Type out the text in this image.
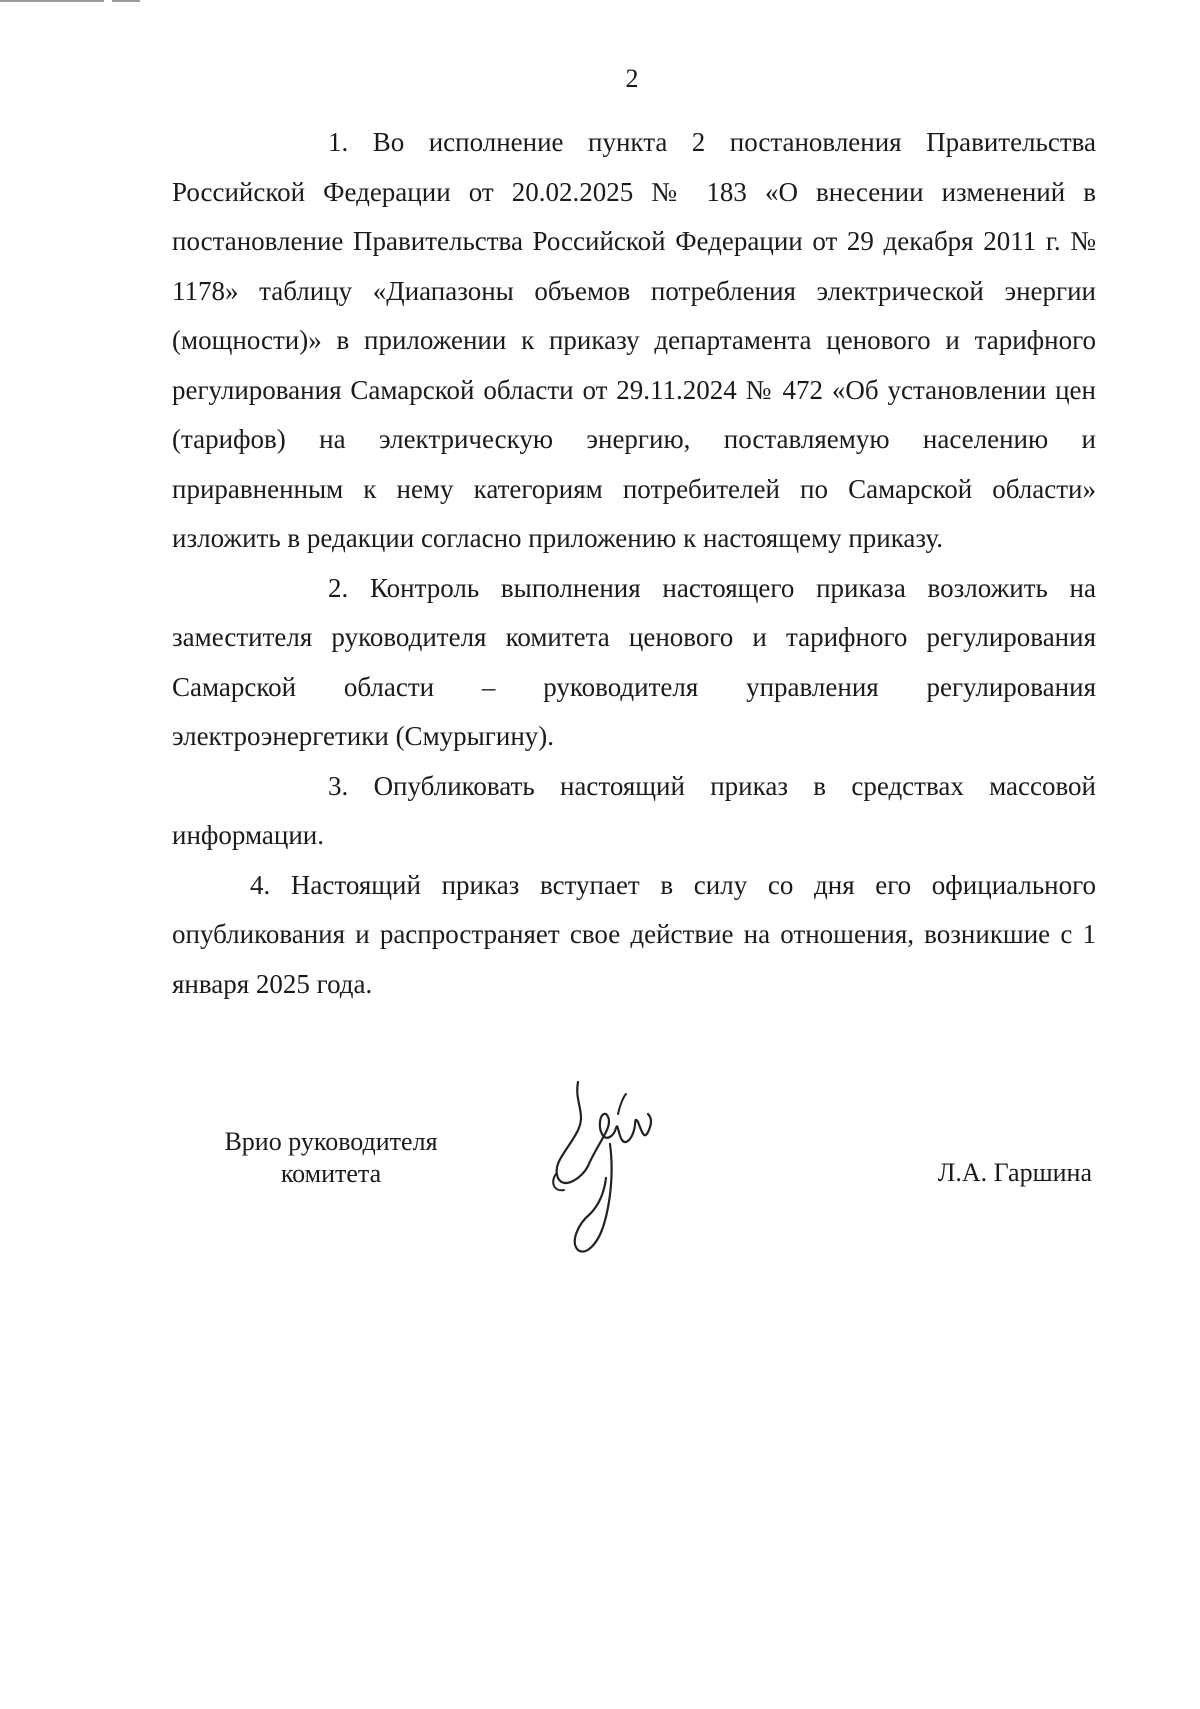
2

1. Во исполнение пункта 2 постановления Правительства Российской Федерации от 20.02.2025 № 183 «О внесении изменений в постановление Правительства Российской Федерации от 29 декабря 2011 г. № 1178» таблицу «Диапазоны объемов потребления электрической энергии (мощности)» в приложении к приказу департамента ценового и тарифного регулирования Самарской области от 29.11.2024 № 472 «Об установлении цен (тарифов) на электрическую энергию, поставляемую населению и приравненным к нему категориям потребителей по Самарской области» изложить в редакции согласно приложению к настоящему приказу.

2. Контроль выполнения настоящего приказа возложить на заместителя руководителя комитета ценового и тарифного регулирования Самарской области – руководителя управления регулирования электроэнергетики (Смурыгину).

3. Опубликовать настоящий приказ в средствах массовой информации.

4. Настоящий приказ вступает в силу со дня его официального опубликования и распространяет свое действие на отношения, возникшие с 1 января 2025 года.

Врио руководителя
комитета	Л.А. Гаршина
